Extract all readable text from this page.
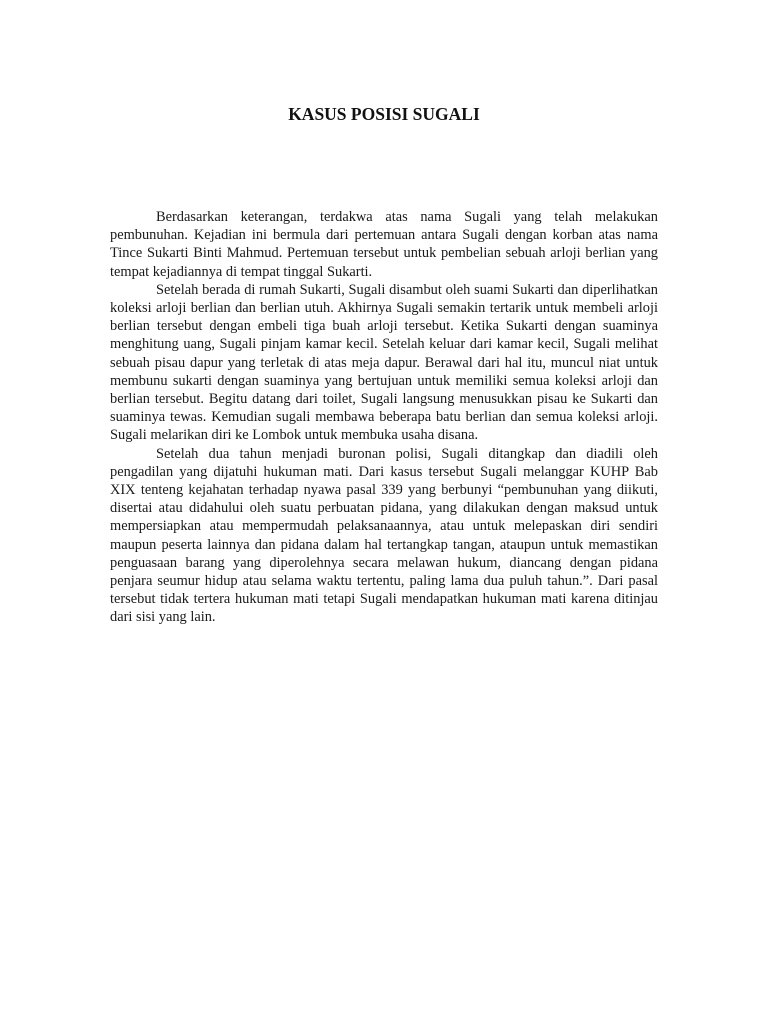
KASUS POSISI SUGALI

Berdasarkan keterangan, terdakwa atas nama Sugali yang telah melakukan pembunuhan. Kejadian ini bermula dari pertemuan antara Sugali dengan korban atas nama Tince Sukarti Binti Mahmud. Pertemuan tersebut untuk pembelian sebuah arloji berlian yang tempat kejadiannya di tempat tinggal Sukarti.

Setelah berada di rumah Sukarti, Sugali disambut oleh suami Sukarti dan diperlihatkan koleksi arloji berlian dan berlian utuh. Akhirnya Sugali semakin tertarik untuk membeli arloji berlian tersebut dengan embeli tiga buah arloji tersebut. Ketika Sukarti dengan suaminya menghitung uang, Sugali pinjam kamar kecil. Setelah keluar dari kamar kecil, Sugali melihat sebuah pisau dapur yang terletak di atas meja dapur. Berawal dari hal itu, muncul niat untuk membunu sukarti dengan suaminya yang bertujuan untuk memiliki semua koleksi arloji dan berlian tersebut. Begitu datang dari toilet, Sugali langsung menusukkan pisau ke Sukarti dan suaminya tewas. Kemudian sugali membawa beberapa batu berlian dan semua koleksi arloji. Sugali melarikan diri ke Lombok untuk membuka usaha disana.

Setelah dua tahun menjadi buronan polisi, Sugali ditangkap dan diadili oleh pengadilan yang dijatuhi hukuman mati. Dari kasus tersebut Sugali melanggar KUHP Bab XIX tenteng kejahatan terhadap nyawa pasal 339 yang berbunyi “pembunuhan yang diikuti, disertai atau didahului oleh suatu perbuatan pidana, yang dilakukan dengan maksud untuk mempersiapkan atau mempermudah pelaksanaannya, atau untuk melepaskan diri sendiri maupun peserta lainnya dan pidana dalam hal tertangkap tangan, ataupun untuk memastikan penguasaan barang yang diperolehnya secara melawan hukum, diancang dengan pidana penjara seumur hidup atau selama waktu tertentu, paling lama dua puluh tahun.”. Dari pasal tersebut tidak tertera hukuman mati tetapi Sugali mendapatkan hukuman mati karena ditinjau dari sisi yang lain.
